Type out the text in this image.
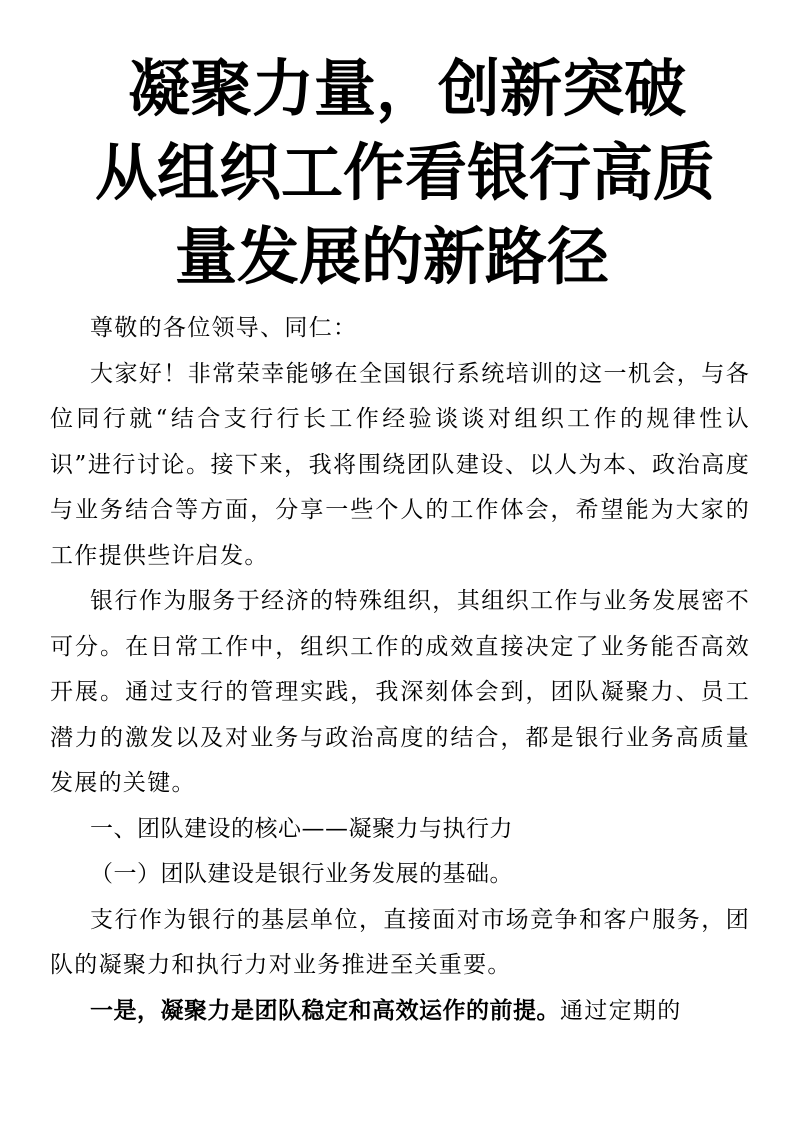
凝聚力量，创新突破
从组织工作看银行高质
量发展的新路径

尊敬的各位领导、同仁：

大家好！非常荣幸能够在全国银行系统培训的这一机会，与各位同行就“结合支行行长工作经验谈谈对组织工作的规律性认识”进行讨论。接下来，我将围绕团队建设、以人为本、政治高度与业务结合等方面，分享一些个人的工作体会，希望能为大家的工作提供些许启发。

银行作为服务于经济的特殊组织，其组织工作与业务发展密不可分。在日常工作中，组织工作的成效直接决定了业务能否高效开展。通过支行的管理实践，我深刻体会到，团队凝聚力、员工潜力的激发以及对业务与政治高度的结合，都是银行业务高质量发展的关键。

一、团队建设的核心——凝聚力与执行力

（一）团队建设是银行业务发展的基础。

支行作为银行的基层单位，直接面对市场竞争和客户服务，团队的凝聚力和执行力对业务推进至关重要。

一是，凝聚力是团队稳定和高效运作的前提。通过定期的
